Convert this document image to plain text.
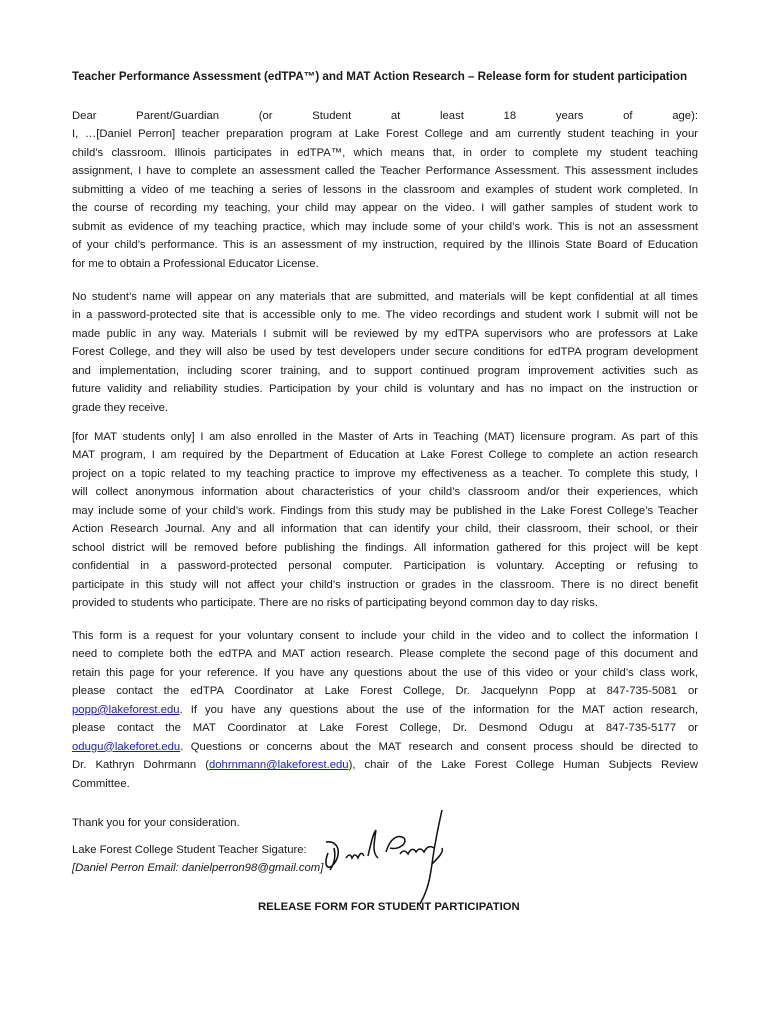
Teacher Performance Assessment (edTPA™) and MAT Action Research – Release form for student participation
Dear Parent/Guardian (or Student at least 18 years of age):
I, …[Daniel Perron] teacher preparation program at Lake Forest College and am currently student teaching in your
child’s classroom. Illinois participates in edTPA™, which means that, in order to complete my student teaching
assignment, I have to complete an assessment called the Teacher Performance Assessment. This assessment includes
submitting a video of me teaching a series of lessons in the classroom and examples of student work completed. In
the course of recording my teaching, your child may appear on the video. I will gather samples of student work to
submit as evidence of my teaching practice, which may include some of your child’s work. This is not an assessment
of your child’s performance. This is an assessment of my instruction, required by the Illinois State Board of Education
for me to obtain a Professional Educator License.
No student’s name will appear on any materials that are submitted, and materials will be kept confidential at all times
in a password-protected site that is accessible only to me. The video recordings and student work I submit will not be
made public in any way. Materials I submit will be reviewed by my edTPA supervisors who are professors at Lake
Forest College, and they will also be used by test developers under secure conditions for edTPA program development
and implementation, including scorer training, and to support continued program improvement activities such as
future validity and reliability studies. Participation by your child is voluntary and has no impact on the instruction or
grade they receive.
[for MAT students only] I am also enrolled in the Master of Arts in Teaching (MAT) licensure program. As part of this
MAT program, I am required by the Department of Education at Lake Forest College to complete an action research
project on a topic related to my teaching practice to improve my effectiveness as a teacher. To complete this study, I
will collect anonymous information about characteristics of your child’s classroom and/or their experiences, which
may include some of your child’s work. Findings from this study may be published in the Lake Forest College’s Teacher
Action Research Journal. Any and all information that can identify your child, their classroom, their school, or their
school district will be removed before publishing the findings. All information gathered for this project will be kept
confidential in a password-protected personal computer. Participation is voluntary. Accepting or refusing to
participate in this study will not affect your child’s instruction or grades in the classroom. There is no direct benefit
provided to students who participate. There are no risks of participating beyond common day to day risks.
This form is a request for your voluntary consent to include your child in the video and to collect the information I
need to complete both the edTPA and MAT action research. Please complete the second page of this document and
retain this page for your reference. If you have any questions about the use of this video or your child’s class work,
please contact the edTPA Coordinator at Lake Forest College, Dr. Jacquelynn Popp at 847-735-5081 or
popp@lakeforest.edu. If you have any questions about the use of the information for the MAT action research,
please contact the MAT Coordinator at Lake Forest College, Dr. Desmond Odugu at 847-735-5177 or
odugu@lakeforet.edu. Questions or concerns about the MAT research and consent process should be directed to
Dr. Kathryn Dohrmann (dohrnmann@lakeforest.edu), chair of the Lake Forest College Human Subjects Review
Committee.
Thank you for your consideration.
Lake Forest College Student Teacher Sigature:
[Daniel Perron Email: danielperron98@gmail.com]
RELEASE FORM FOR STUDENT PARTICIPATION
